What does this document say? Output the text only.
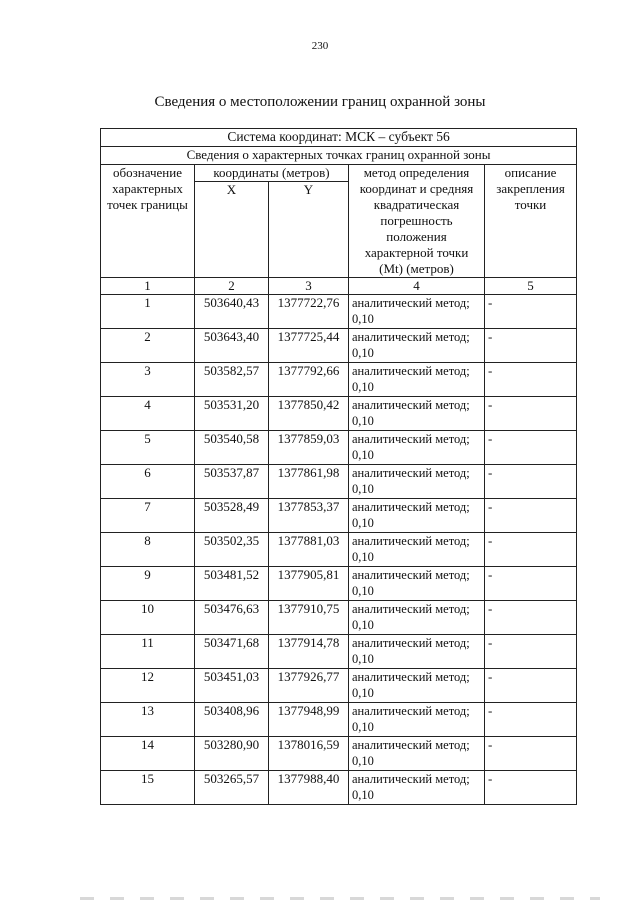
230
Сведения о местоположении границ охранной зоны
Система координат: МСК – субъект 56				
Сведения о характерных точках границ охранной зоны				
обозначение характерных точек границы	координаты (метров)		метод определения координат и средняя квадратическая погрешность положения характерной точки (Mt) (метров)	описание закрепления точки
	X	Y		
1	2	3	4	5
1	503640,43	1377722,76	аналитический метод; 0,10	-
2	503643,40	1377725,44	аналитический метод; 0,10	-
3	503582,57	1377792,66	аналитический метод; 0,10	-
4	503531,20	1377850,42	аналитический метод; 0,10	-
5	503540,58	1377859,03	аналитический метод; 0,10	-
6	503537,87	1377861,98	аналитический метод; 0,10	-
7	503528,49	1377853,37	аналитический метод; 0,10	-
8	503502,35	1377881,03	аналитический метод; 0,10	-
9	503481,52	1377905,81	аналитический метод; 0,10	-
10	503476,63	1377910,75	аналитический метод; 0,10	-
11	503471,68	1377914,78	аналитический метод; 0,10	-
12	503451,03	1377926,77	аналитический метод; 0,10	-
13	503408,96	1377948,99	аналитический метод; 0,10	-
14	503280,90	1378016,59	аналитический метод; 0,10	-
15	503265,57	1377988,40	аналитический метод; 0,10	-
